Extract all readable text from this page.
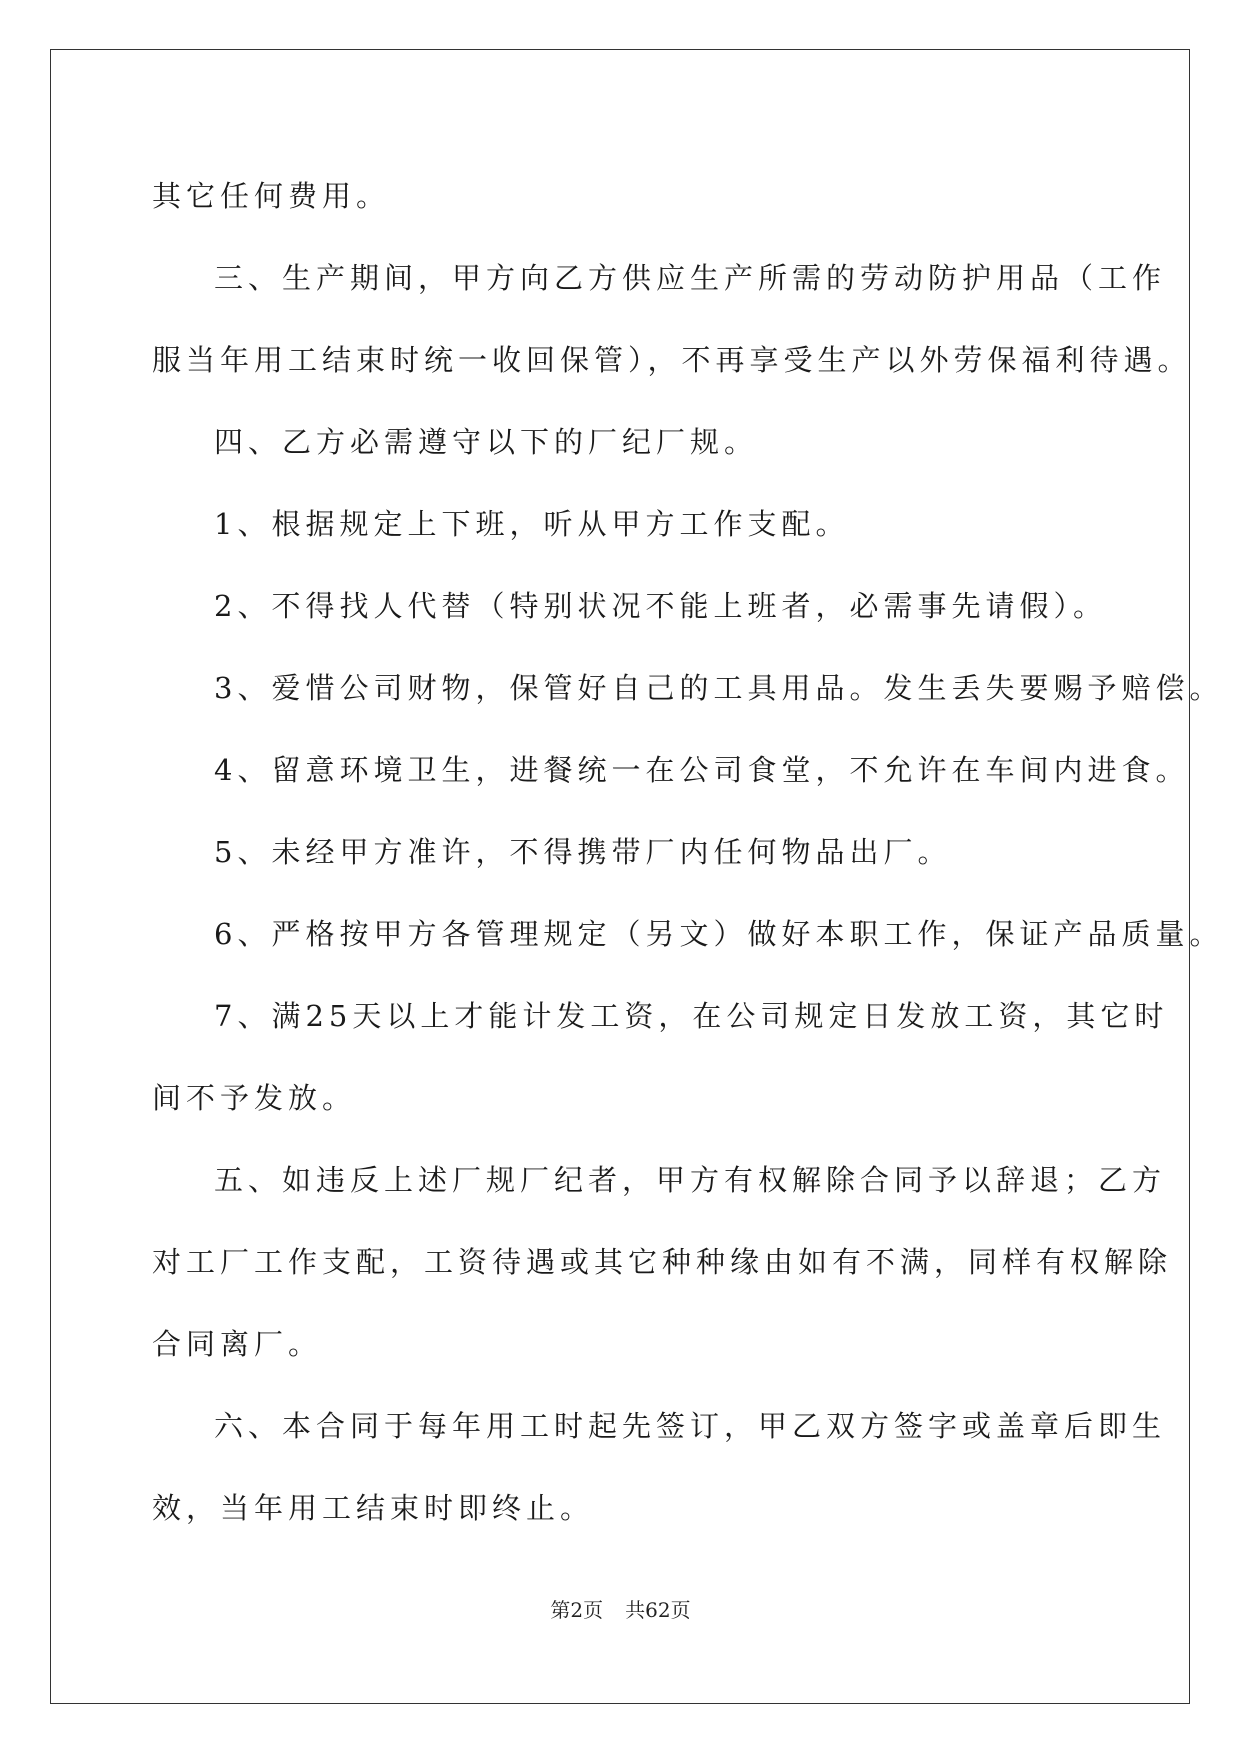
其它任何费用。
三、生产期间，甲方向乙方供应生产所需的劳动防护用品（工作
服当年用工结束时统一收回保管），不再享受生产以外劳保福利待遇。
四、乙方必需遵守以下的厂纪厂规。
1、根据规定上下班，听从甲方工作支配。
2、不得找人代替（特别状况不能上班者，必需事先请假）。
3、爱惜公司财物，保管好自己的工具用品。发生丢失要赐予赔偿。
4、留意环境卫生，进餐统一在公司食堂，不允许在车间内进食。
5、未经甲方准许，不得携带厂内任何物品出厂。
6、严格按甲方各管理规定（另文）做好本职工作，保证产品质量。
7、满25天以上才能计发工资，在公司规定日发放工资，其它时
间不予发放。
五、如违反上述厂规厂纪者，甲方有权解除合同予以辞退；乙方
对工厂工作支配，工资待遇或其它种种缘由如有不满，同样有权解除
合同离厂。
六、本合同于每年用工时起先签订，甲乙双方签字或盖章后即生
效，当年用工结束时即终止。
第2页 共62页
